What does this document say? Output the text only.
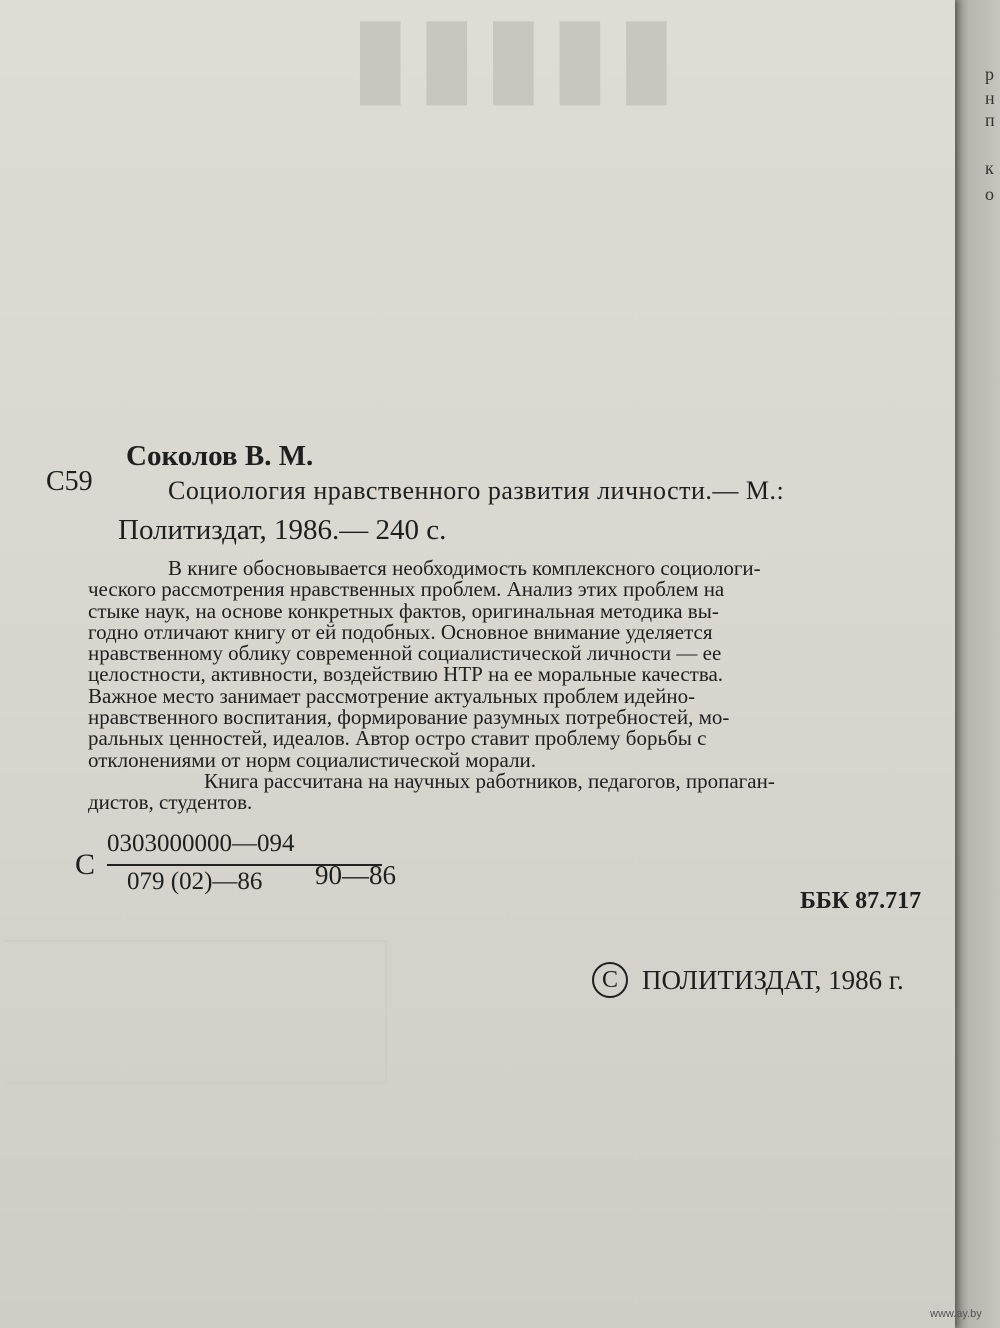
р
н
п
к
о
▮▮▮▮▮
Соколов В. М.
С59	Социология нравственного развития личности.— М.:
Политиздат, 1986.— 240 с.
В книге обосновывается необходимость комплексного социологи-
ческого рассмотрения нравственных проблем. Анализ этих проблем на
стыке наук, на основе конкретных фактов, оригинальная методика вы-
годно отличают книгу от ей подобных. Основное внимание уделяется
нравственному облику современной социалистической личности — ее
целостности, активности, воздействию НТР на ее моральные качества.
Важное место занимает рассмотрение актуальных проблем идейно-
нравственного воспитания, формирование разумных потребностей, мо-
ральных ценностей, идеалов. Автор остро ставит проблему борьбы с
отклонениями от норм социалистической морали.
Книга рассчитана на научных работников, педагогов, пропаган-
дистов, студентов.
С
0303000000—094
079 (02)—86 90—86
ББК 87.717
С ПОЛИТИЗДАТ, 1986 г.
www.ay.by
